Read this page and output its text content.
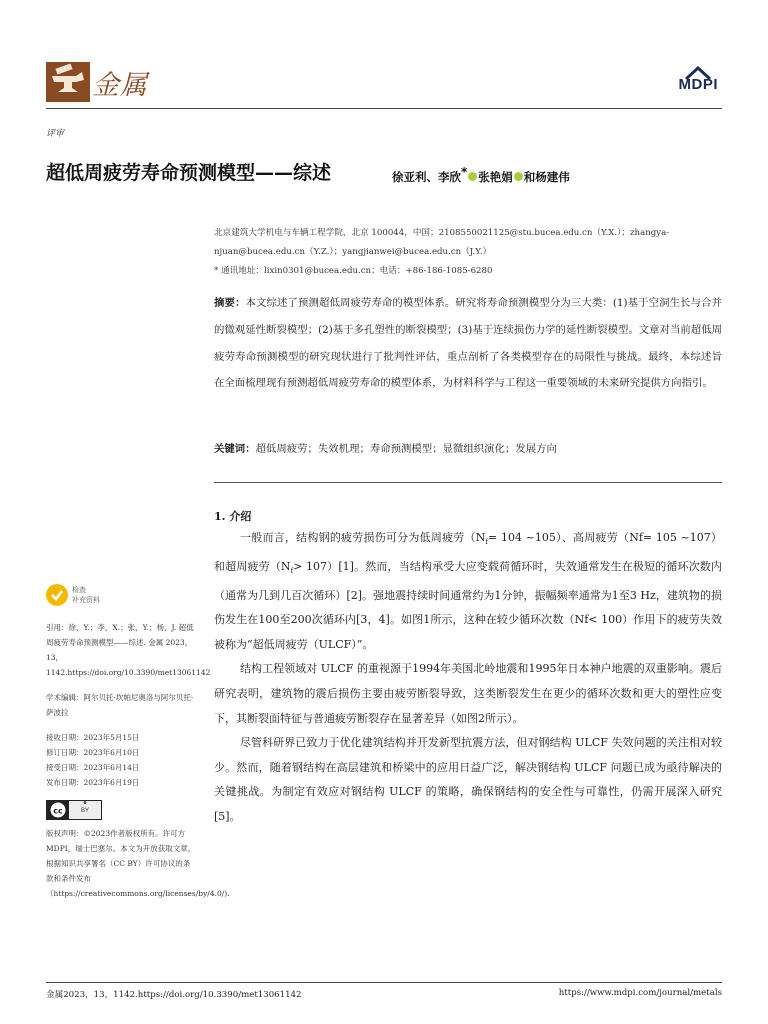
金属	MDPI
评审
超低周疲劳寿命预测模型——综述	徐亚利、李欣* 张艳娟 和杨建伟
北京建筑大学机电与车辆工程学院，北京 100044，中国；2108550021125@stu.bucea.edu.cn（Y.X.）；zhangya-
njuan@bucea.edu.cn（Y.Z.）；yangjianwei@bucea.edu.cn（J.Y.）
* 通讯地址：lixin0301@bucea.edu.cn；电话：+86-186-1085-6280
摘要：本文综述了预测超低周疲劳寿命的模型体系。研究将寿命预测模型分为三大类：(1)基于空洞生长与合并的微观延性断裂模型；(2)基于多孔塑性的断裂模型；(3)基于连续损伤力学的延性断裂模型。文章对当前超低周疲劳寿命预测模型的研究现状进行了批判性评估，重点剖析了各类模型存在的局限性与挑战。最终，本综述旨在全面梳理现有预测超低周疲劳寿命的模型体系，为材料科学与工程这一重要领域的未来研究提供方向指引。
关键词：超低周疲劳；失效机理；寿命预测模型；显微组织演化；发展方向
1. 介绍

一般而言，结构钢的疲劳损伤可分为低周疲劳（$N_f= 104$ ~105）、高周疲劳（Nf= 105 ~107）和超周疲劳$(N_f> 107)[1]$。然而，当结构承受大应变载荷循环时，失效通常发生在极短的循环次数内（通常为几到几百次循环）[2]。强地震持续时间通常约为1分钟，振幅频率通常为1至3 Hz，建筑物的损伤发生在100至200次循环内[3，4]。如图1所示，这种在较少循环次数（Nf< 100）作用下的疲劳失效被称为“超低周疲劳（ULCF）”。

结构工程领域对 ULCF 的重视源于1994年美国北岭地震和1995年日本神户地震的双重影响。震后研究表明，建筑物的震后损伤主要由疲劳断裂导致，这类断裂发生在更少的循环次数和更大的塑性应变下，其断裂面特征与普通疲劳断裂存在显著差异（如图2所示）。

尽管科研界已致力于优化建筑结构并开发新型抗震方法，但对钢结构 ULCF 失效问题的关注相对较少。然而，随着钢结构在高层建筑和桥梁中的应用日益广泛，解决钢结构 ULCF 问题已成为亟待解决的关键挑战。为制定有效应对钢结构 ULCF 的策略，确保钢结构的安全性与可靠性，仍需开展深入研究[5]。

检查
补充资料
引用：徐，Y.；李，X.；张，Y.；杨，J. 超低周疲劳寿命预测模型——综述. 金属 2023，13，1142.https://doi.org/10.3390/met13061142
学术编辑：阿尔贝托·坎帕尼奥洛与阿尔贝托·萨波拉
接收日期：2023年5月15日
修订日期：2023年6月10日
接受日期：2023年6月14日
发布日期：2023年6月19日
cc	BY
版权声明：©2023作者版权所有。许可方 MDPI，瑞士巴塞尔。本文为开放获取文章，根据知识共享署名（CC BY）许可协议的条款和条件发布（https://creativecommons.org/licenses/by/4.0/).
金属2023，13，1142.https://doi.org/10.3390/met13061142	https://www.mdpi.com/journal/metals
